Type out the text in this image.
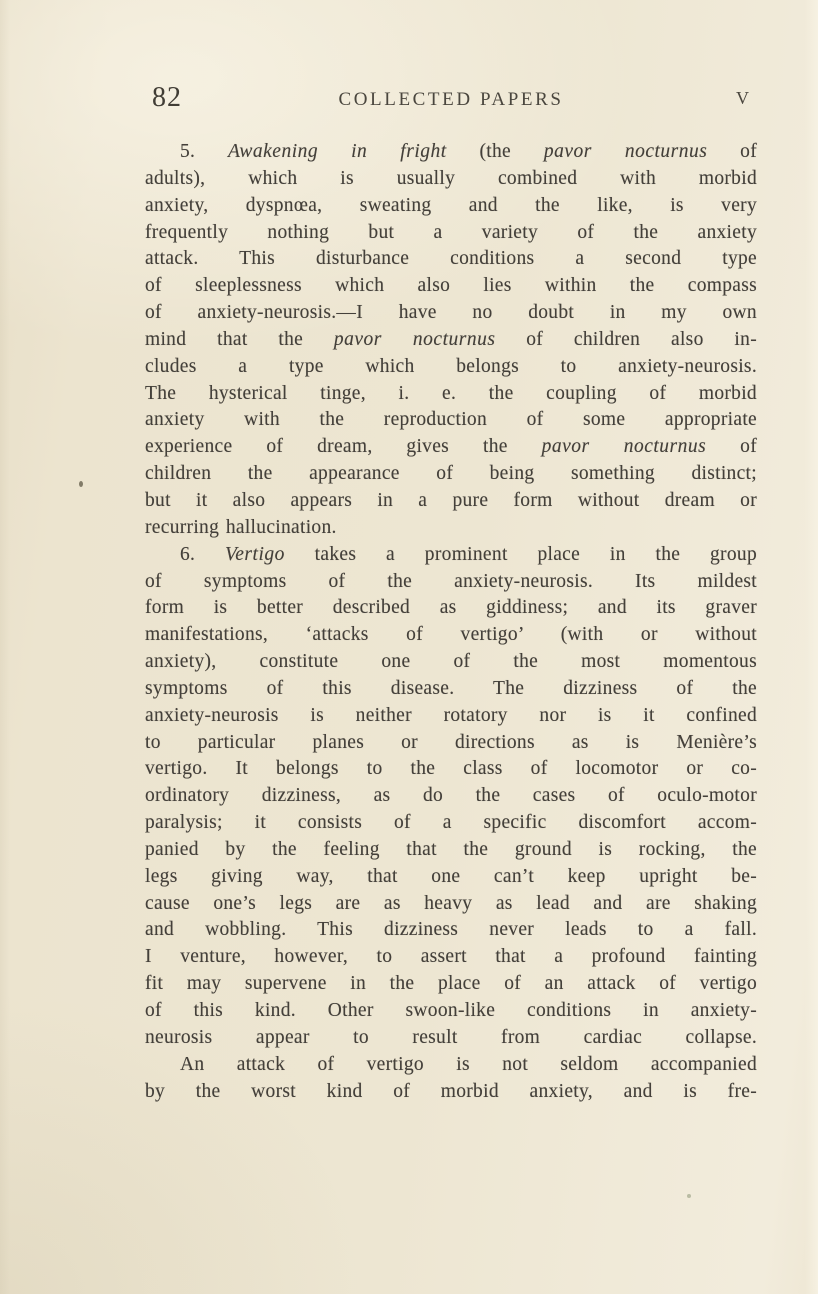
82	COLLECTED PAPERS	V
5. Awakening in fright (the pavor nocturnus of
adults), which is usually combined with morbid
anxiety, dyspnœa, sweating and the like, is very
frequently nothing but a variety of the anxiety
attack. This disturbance conditions a second type
of sleeplessness which also lies within the compass
of anxiety-neurosis.—I have no doubt in my own
mind that the pavor nocturnus of children also in-
cludes a type which belongs to anxiety-neurosis.
The hysterical tinge, i. e. the coupling of morbid
anxiety with the reproduction of some appropriate
experience of dream, gives the pavor nocturnus of
children the appearance of being something distinct;
but it also appears in a pure form without dream or
recurring hallucination.
6. Vertigo takes a prominent place in the group
of symptoms of the anxiety-neurosis. Its mildest
form is better described as giddiness; and its graver
manifestations, ‘attacks of vertigo’ (with or without
anxiety), constitute one of the most momentous
symptoms of this disease. The dizziness of the
anxiety-neurosis is neither rotatory nor is it confined
to particular planes or directions as is Menière’s
vertigo. It belongs to the class of locomotor or co-
ordinatory dizziness, as do the cases of oculo-motor
paralysis; it consists of a specific discomfort accom-
panied by the feeling that the ground is rocking, the
legs giving way, that one can’t keep upright be-
cause one’s legs are as heavy as lead and are shaking
and wobbling. This dizziness never leads to a fall.
I venture, however, to assert that a profound fainting
fit may supervene in the place of an attack of vertigo
of this kind. Other swoon-like conditions in anxiety-
neurosis appear to result from cardiac collapse.
An attack of vertigo is not seldom accompanied
by the worst kind of morbid anxiety, and is fre-
